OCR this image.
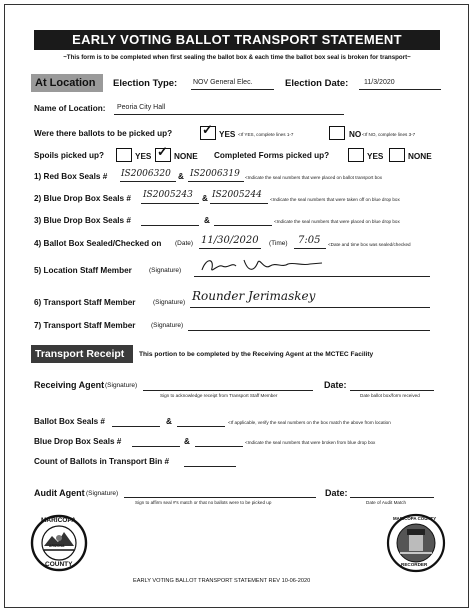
EARLY VOTING BALLOT TRANSPORT STATEMENT
~This form is to be completed when first sealing the ballot box & each time the ballot box seal is broken for transport~
At Location	Election Type: NOV General Elec.	Election Date: 11/3/2020
Name of Location: Peoria City Hall
Were there ballots to be picked up? ✓ YES <If YES, complete lines 1-7	NO <If NO, complete lines 3-7
Spoils picked up?	YES ✓ NONE Completed Forms picked up?	YES	NONE
1) Red Box Seals # IS2006320 & IS2006319 <Indicate the seal numbers that were placed on ballot transport box
2) Blue Drop Box Seals # IS2005243 & IS2005244 <Indicate the seal numbers that were taken off on blue drop box
3) Blue Drop Box Seals #	&	<Indicate the seal numbers that were placed on blue drop box
4) Ballot Box Sealed/Checked on (Date) 11/30/2020 (Time) 7:05 <Date and time box was sealed/checked
5) Location Staff Member	(Signature)
6) Transport Staff Member	(Signature) Rounder Jerimaskey
7) Transport Staff Member (Signature)
Transport Receipt	This portion to be completed by the Receiving Agent at the MCTEC Facility
Receiving Agent (Signature)
Sign to acknowledge receipt from Transport Staff Member
Date:
Date ballot box/form received
Ballot Box Seals #	&	<If applicable, verify the seal numbers on the box match the above from location
Blue Drop Box Seals #	&	<Indicate the seal numbers that were broken from blue drop box
Count of Ballots in Transport Bin #
Audit Agent (Signature)
Sign to affirm seal #'s match or that no ballots were to be picked up
Date:
Date of Audit Match
MARICOPA
ARIZONA
COUNTY
EARLY VOTING BALLOT TRANSPORT STATEMENT REV 10-06-2020
MARICOPA COUNTY
RECORDER
